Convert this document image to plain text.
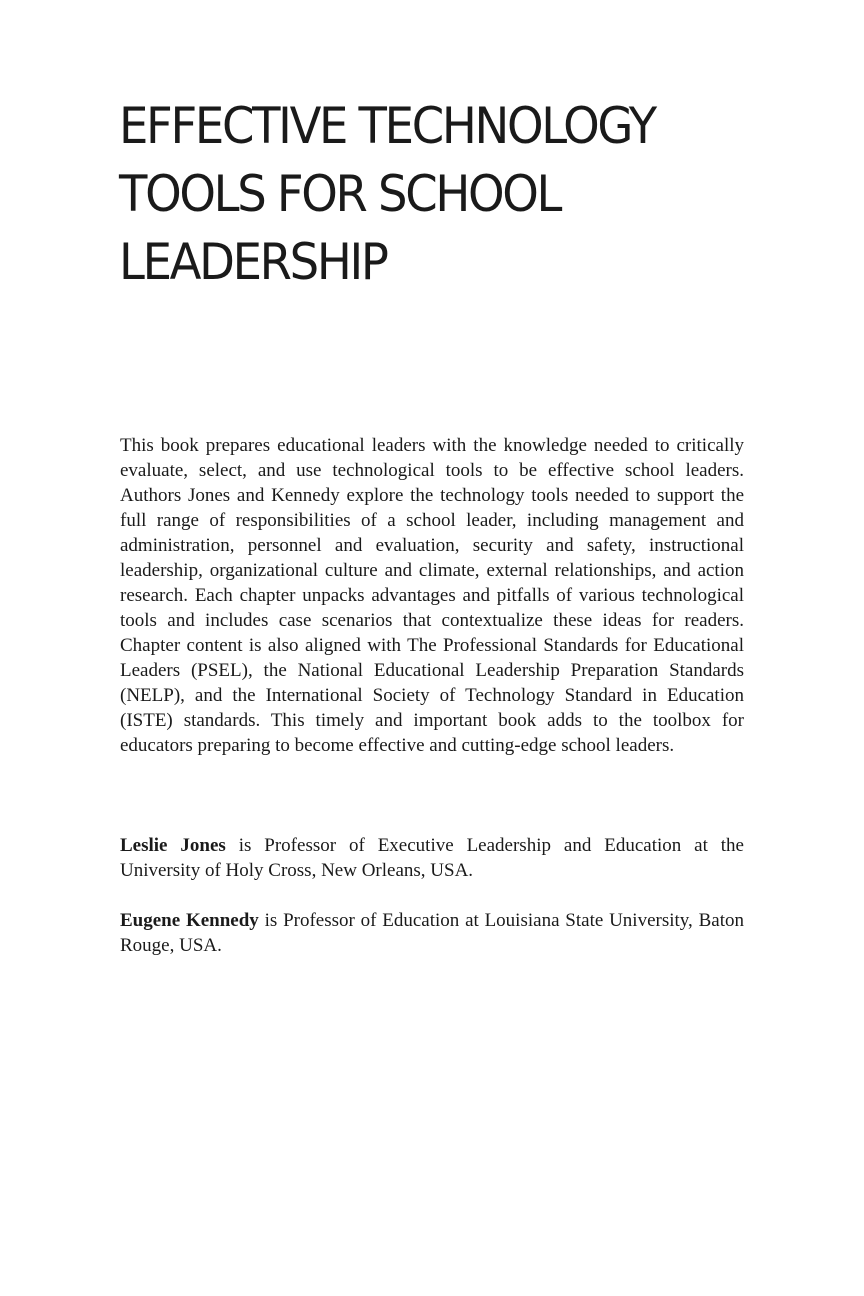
EFFECTIVE TECHNOLOGY
TOOLS FOR SCHOOL
LEADERSHIP

This book prepares educational leaders with the knowledge needed to critically evaluate, select, and use technological tools to be effective school leaders. Authors Jones and Kennedy explore the technology tools needed to support the full range of responsibilities of a school leader, including management and administration, personnel and evaluation, security and safety, instructional leadership, organizational culture and climate, external relationships, and action research. Each chapter unpacks advantages and pitfalls of various technological tools and includes case scenarios that contextualize these ideas for readers. Chapter content is also aligned with The Professional Standards for Educational Leaders (PSEL), the National Educational Leadership Preparation Standards (NELP), and the International Society of Technology Standard in Education (ISTE) standards. This timely and important book adds to the toolbox for educators preparing to become effective and cutting-edge school leaders.

Leslie Jones is Professor of Executive Leadership and Education at the University of Holy Cross, New Orleans, USA.

Eugene Kennedy is Professor of Education at Louisiana State University, Baton Rouge, USA.
